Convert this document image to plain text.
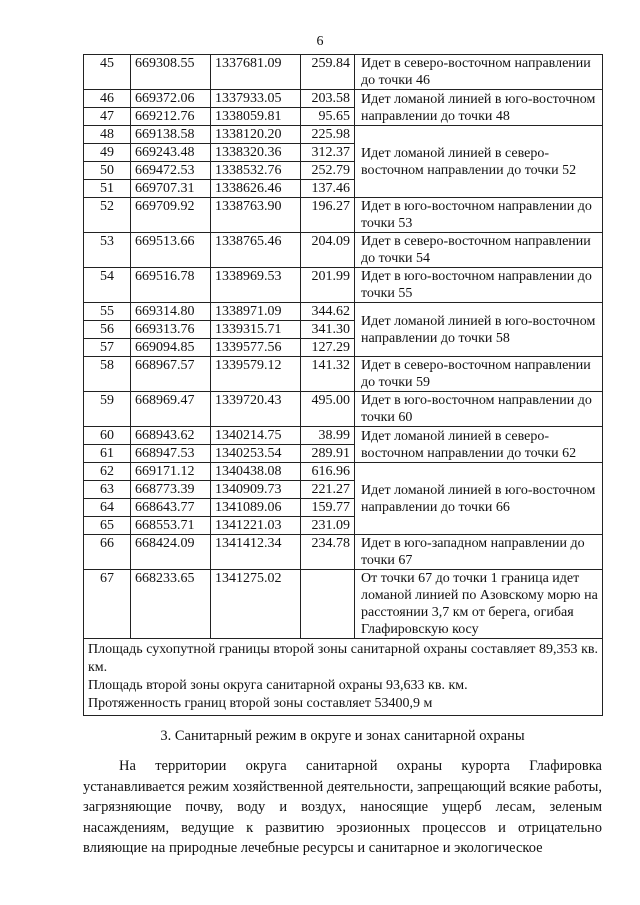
6
45	669308.55	1337681.09	259.84	Идет в северо-восточном направлении до точки 46
46	669372.06	1337933.05	203.58	Идет ломаной линией в юго-восточном направлении до точки 48
47	669212.76	1338059.81	95.65	
48	669138.58	1338120.20	225.98	Идет ломаной линией в северо-восточном направлении до точки 52
49	669243.48	1338320.36	312.37	
50	669472.53	1338532.76	252.79	
51	669707.31	1338626.46	137.46	
52	669709.92	1338763.90	196.27	Идет в юго-восточном направлении до точки 53
53	669513.66	1338765.46	204.09	Идет в северо-восточном направлении до точки 54
54	669516.78	1338969.53	201.99	Идет в юго-восточном направлении до точки 55
55	669314.80	1338971.09	344.62	Идет ломаной линией в юго-восточном направлении до точки 58
56	669313.76	1339315.71	341.30	
57	669094.85	1339577.56	127.29	
58	668967.57	1339579.12	141.32	Идет в северо-восточном направлении до точки 59
59	668969.47	1339720.43	495.00	Идет в юго-восточном направлении до точки 60
60	668943.62	1340214.75	38.99	Идет ломаной линией в северо-восточном направлении до точки 62
61	668947.53	1340253.54	289.91	
62	669171.12	1340438.08	616.96	Идет ломаной линией в юго-восточном направлении до точки 66
63	668773.39	1340909.73	221.27	
64	668643.77	1341089.06	159.77	
65	668553.71	1341221.03	231.09	
66	668424.09	1341412.34	234.78	Идет в юго-западном направлении до точки 67
67	668233.65	1341275.02		От точки 67 до точки 1 граница идет ломаной линией по Азовскому морю на расстоянии 3,7 км от берега, огибая Глафировскую косу

Площадь сухопутной границы второй зоны санитарной охраны составляет 89,353 кв. км.

Площадь второй зоны округа санитарной охраны 93,633 кв. км.

Протяженность границ второй зоны составляет 53400,9 м				

3. Санитарный режим в округе и зонах санитарной охраны

На территории округа санитарной охраны курорта Глафировка устанавливается режим хозяйственной деятельности, запрещающий всякие работы, загрязняющие почву, воду и воздух, наносящие ущерб лесам, зеленым насаждениям, ведущие к развитию эрозионных процессов и отрицательно влияющие на природные лечебные ресурсы и санитарное и экологическое
